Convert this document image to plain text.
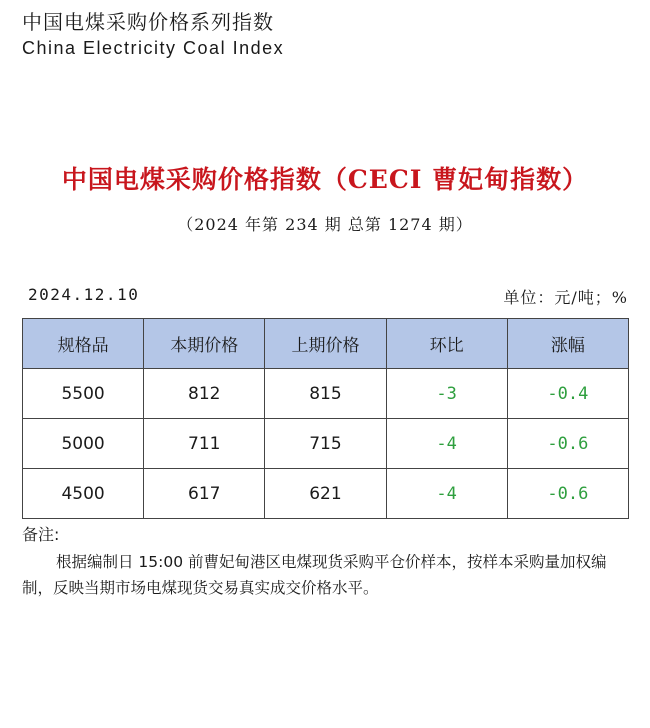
中国电煤采购价格系列指数
China Electricity Coal Index
中国电煤采购价格指数（CECI 曹妃甸指数）
（2024 年第 234 期 总第 1274 期）
2024.12.10	单位：元/吨；%
规格品	本期价格	上期价格	环比	涨幅
5500	812	815	-3	-0.4
5000	711	715	-4	-0.6
4500	617	621	-4	-0.6
备注:
根据编制日 15:00 前曹妃甸港区电煤现货采购平仓价样本，按样本采购量加权编制，反映当期市场电煤现货交易真实成交价格水平。
